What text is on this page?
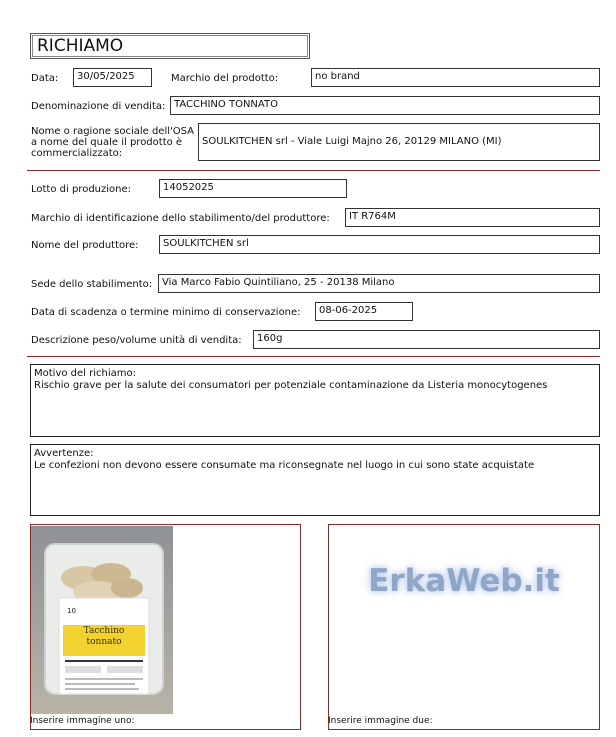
RICHIAMO
Data:	30/05/2025	Marchio del prodotto:	no brand
Denominazione di vendita: TACCHINO TONNATO
Nome o ragione sociale dell'OSA
a nome del quale il prodotto è
commercializzato:
SOULKITCHEN srl - Viale Luigi Majno 26, 20129 MILANO (MI)
Lotto di produzione:	14052025
Marchio di identificazione dello stabilimento/del produttore:	IT R764M
Nome del produttore:	SOULKITCHEN srl
Sede dello stabilimento: Via Marco Fabio Quintiliano, 25 - 20138 Milano
Data di scadenza o termine minimo di conservazione:	08-06-2025
Descrizione peso/volume unità di vendita:	160g
Motivo del richiamo:
Rischio grave per la salute dei consumatori per potenziale contaminazione da Listeria monocytogenes
Avvertenze:
Le confezioni non devono essere consumate ma riconsegnate nel luogo in cui sono state acquistate
10
Tacchino
tonnato
Inserire immagine uno:
ErkaWeb.it
Inserire immagine due:
